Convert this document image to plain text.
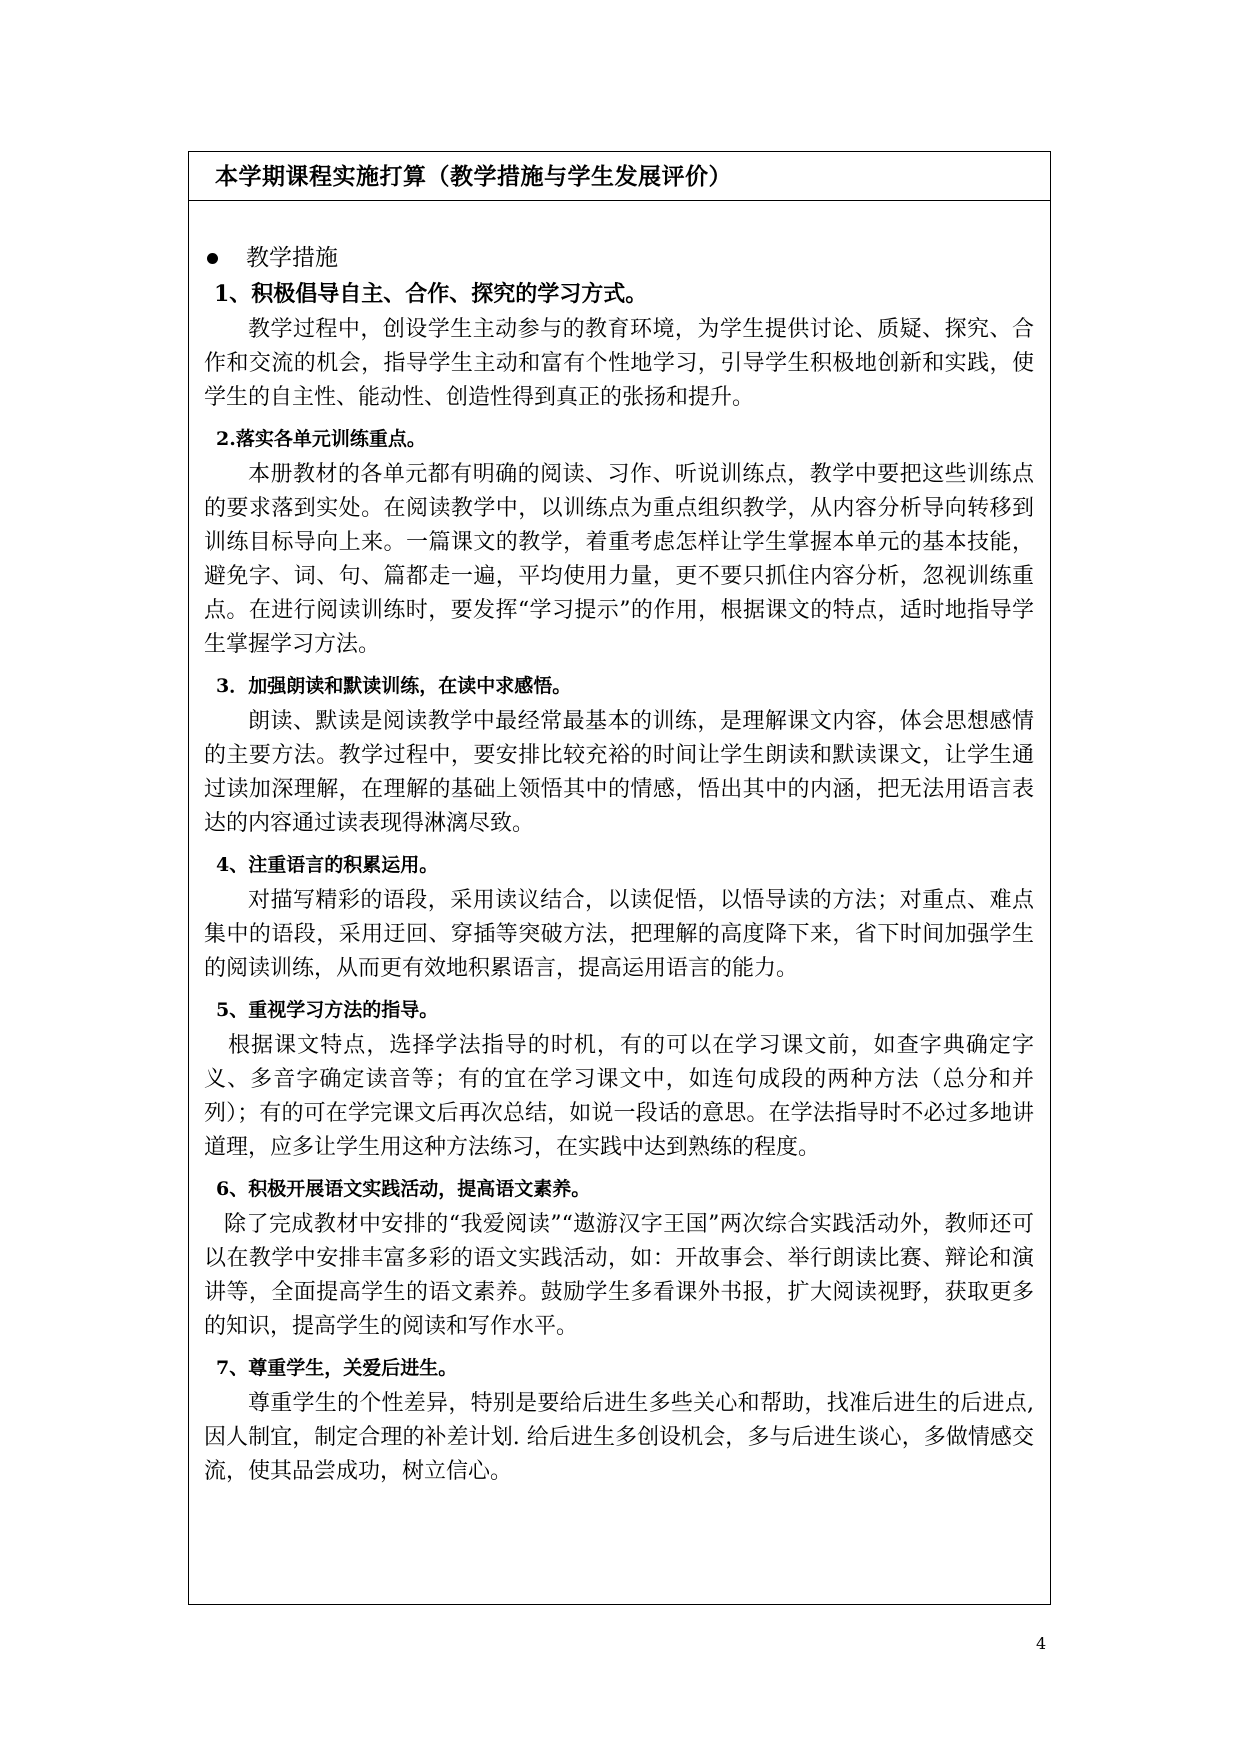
本学期课程实施打算（教学措施与学生发展评价）
教学措施
1、积极倡导自主、合作、探究的学习方式。

教学过程中，创设学生主动参与的教育环境，为学生提供讨论、质疑、探究、合作和交流的机会，指导学生主动和富有个性地学习，引导学生积极地创新和实践，使学生的自主性、能动性、创造性得到真正的张扬和提升。

2.落实各单元训练重点。

本册教材的各单元都有明确的阅读、习作、听说训练点，教学中要把这些训练点的要求落到实处。在阅读教学中，以训练点为重点组织教学，从内容分析导向转移到训练目标导向上来。一篇课文的教学，着重考虑怎样让学生掌握本单元的基本技能，避免字、词、句、篇都走一遍，平均使用力量，更不要只抓住内容分析，忽视训练重点。在进行阅读训练时，要发挥“学习提示”的作用，根据课文的特点，适时地指导学生掌握学习方法。

3．加强朗读和默读训练，在读中求感悟。

朗读、默读是阅读教学中最经常最基本的训练，是理解课文内容，体会思想感情的主要方法。教学过程中，要安排比较充裕的时间让学生朗读和默读课文，让学生通过读加深理解，在理解的基础上领悟其中的情感，悟出其中的内涵，把无法用语言表达的内容通过读表现得淋漓尽致。

4、注重语言的积累运用。

对描写精彩的语段，采用读议结合，以读促悟，以悟导读的方法；对重点、难点集中的语段，采用迂回、穿插等突破方法，把理解的高度降下来，省下时间加强学生的阅读训练，从而更有效地积累语言，提高运用语言的能力。

5、重视学习方法的指导。

根据课文特点，选择学法指导的时机，有的可以在学习课文前，如查字典确定字义、多音字确定读音等；有的宜在学习课文中，如连句成段的两种方法（总分和并列）；有的可在学完课文后再次总结，如说一段话的意思。在学法指导时不必过多地讲道理，应多让学生用这种方法练习，在实践中达到熟练的程度。

6、积极开展语文实践活动，提高语文素养。

除了完成教材中安排的“我爱阅读”“遨游汉字王国”两次综合实践活动外，教师还可以在教学中安排丰富多彩的语文实践活动，如：开故事会、举行朗读比赛、辩论和演讲等，全面提高学生的语文素养。鼓励学生多看课外书报，扩大阅读视野，获取更多的知识，提高学生的阅读和写作水平。

7、尊重学生，关爱后进生。

尊重学生的个性差异，特别是要给后进生多些关心和帮助，找准后进生的后进点,因人制宜，制定合理的补差计划. 给后进生多创设机会，多与后进生谈心，多做情感交流，使其品尝成功，树立信心。

4
